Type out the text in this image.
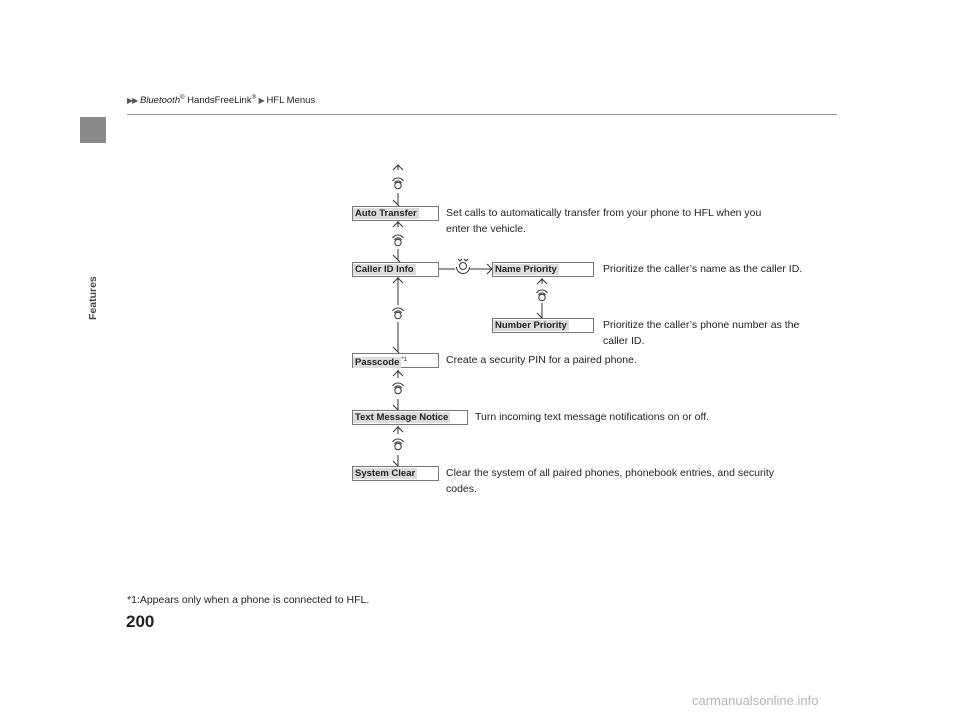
Features
▶▶ Bluetooth® HandsFreeLink® ▶ HFL Menus
Auto Transfer	Set calls to automatically transfer from your phone to HFL when you
enter the vehicle.
Caller ID Info	Name Priority	Prioritize the caller’s name as the caller ID.
Number Priority	Prioritize the caller’s phone number as the
caller ID.
Passcode $^{*1}$	Create a security PIN for a paired phone.
Text Message Notice	Turn incoming text message notifications on or off.
System Clear	Clear the system of all paired phones, phonebook entries, and security
codes.
*1:Appears only when a phone is connected to HFL.
200
carmanualsonline.info
